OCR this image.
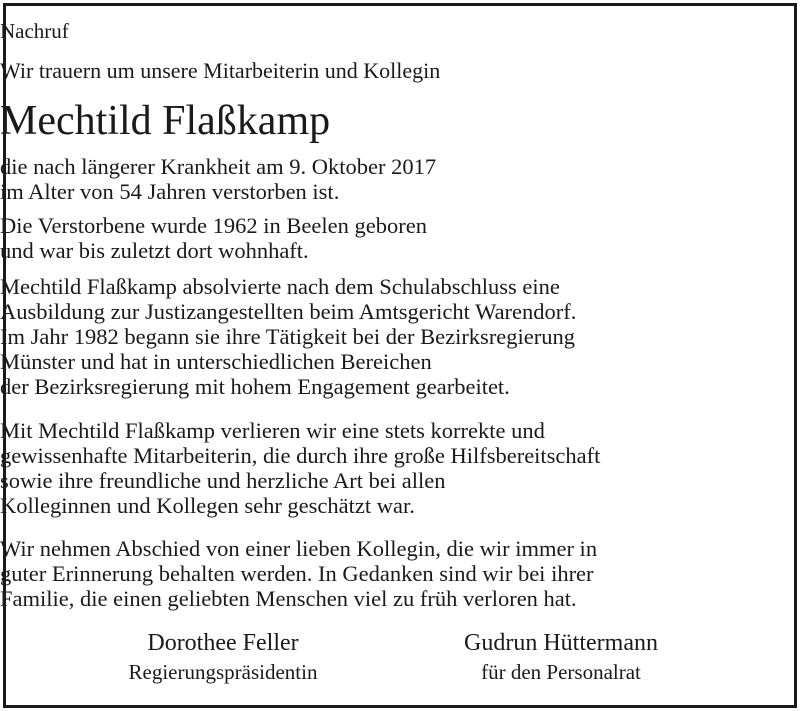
Nachruf
Wir trauern um unsere Mitarbeiterin und Kollegin
Mechtild Flaßkamp
die nach längerer Krankheit am 9. Oktober 2017
im Alter von 54 Jahren verstorben ist.
Die Verstorbene wurde 1962 in Beelen geboren
und war bis zuletzt dort wohnhaft.
Mechtild Flaßkamp absolvierte nach dem Schulabschluss eine
Ausbildung zur Justizangestellten beim Amtsgericht Warendorf.
Im Jahr 1982 begann sie ihre Tätigkeit bei der Bezirksregierung
Münster und hat in unterschiedlichen Bereichen
der Bezirksregierung mit hohem Engagement gearbeitet.
Mit Mechtild Flaßkamp verlieren wir eine stets korrekte und
gewissenhafte Mitarbeiterin, die durch ihre große Hilfsbereitschaft
sowie ihre freundliche und herzliche Art bei allen
Kolleginnen und Kollegen sehr geschätzt war.
Wir nehmen Abschied von einer lieben Kollegin, die wir immer in
guter Erinnerung behalten werden. In Gedanken sind wir bei ihrer
Familie, die einen geliebten Menschen viel zu früh verloren hat.
Dorothee Feller
Regierungspräsidentin
Gudrun Hüttermann
für den Personalrat
